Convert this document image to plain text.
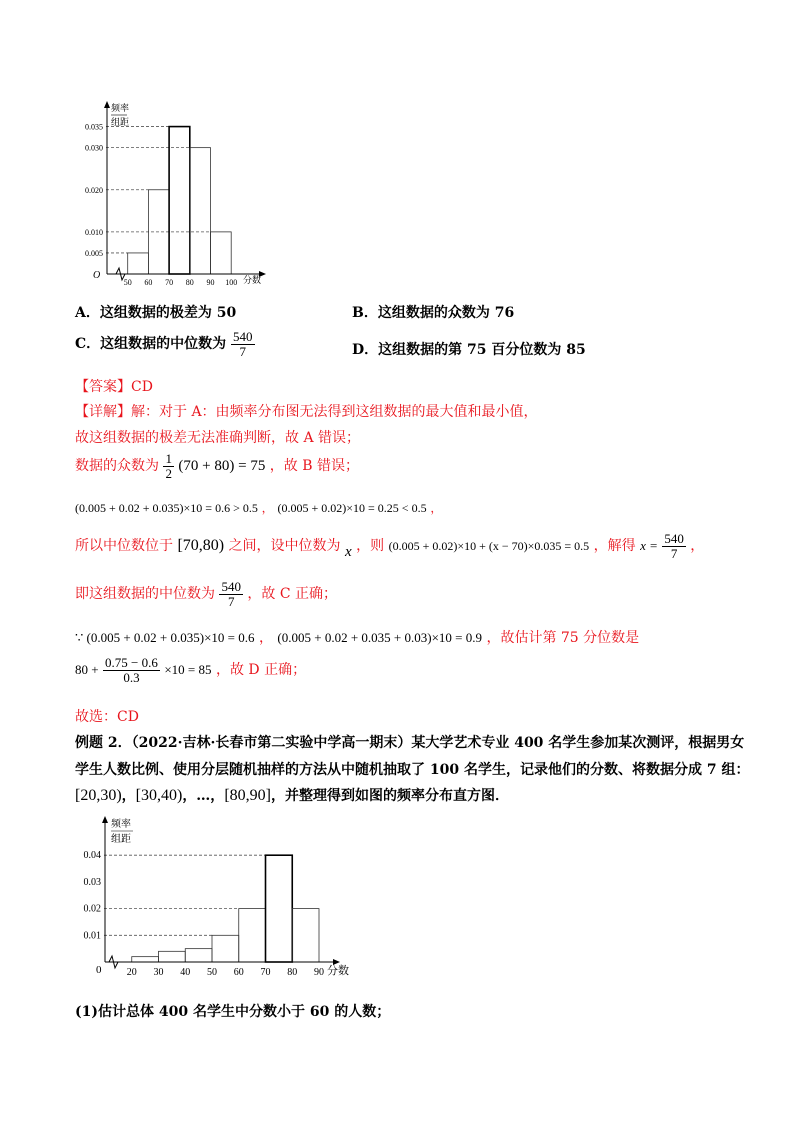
0.035
0.030
0.020
0.010
0.005
50 60 70 80 90 100
频率
组距
分数
O
A．这组数据的极差为 50	B．这组数据的众数为 76
C．这组数据的中位数为 $\frac{540}{7}$	D．这组数据的第 75 百分位数为 85
【答案】CD
【详解】解：对于 A：由频率分布图无法得到这组数据的最大值和最小值，
故这组数据的极差无法准确判断，故 A 错误；
数据的众数为 $\frac{1}{2} (70 + 80) = 75$ ，故 B 错误；
(0.005 + 0.02 + 0.035)×10 = 0.6 > 0.5 ， (0.005 + 0.02)×10 = 0.25 < 0.5 ，
所以中位数位于 [70,80) 之间，设中位数为 x ，则 (0.005 + 0.02)×10 + (x − 70)×0.035 = 0.5 ，解得 $x = \frac{540}{7}$ ，
即这组数据的中位数为 $\frac{540}{7}$ ，故 C 正确；
∵ (0.005 + 0.02 + 0.035)×10 = 0.6 ， (0.005 + 0.02 + 0.035 + 0.03)×10 = 0.9 ，故估计第 75 分位数是
$80 + \frac{0.75 - 0.6}{0.3} \times 10 = 85$ ，故 D 正确；
故选：CD
例题 2．（2022·吉林·长春市第二实验中学高一期末）某大学艺术专业 400 名学生参加某次测评，根据男女
学生人数比例、使用分层随机抽样的方法从中随机抽取了 100 名学生，记录他们的分数、将数据分成 7 组：
[20,30)，[30,40)，…，[80,90]，并整理得到如图的频率分布直方图．
0.04
0.03
0.02
0.01
20 30 40 50 60 70 80 90
频率
组距
分数
0
(1)估计总体 400 名学生中分数小于 60 的人数；
